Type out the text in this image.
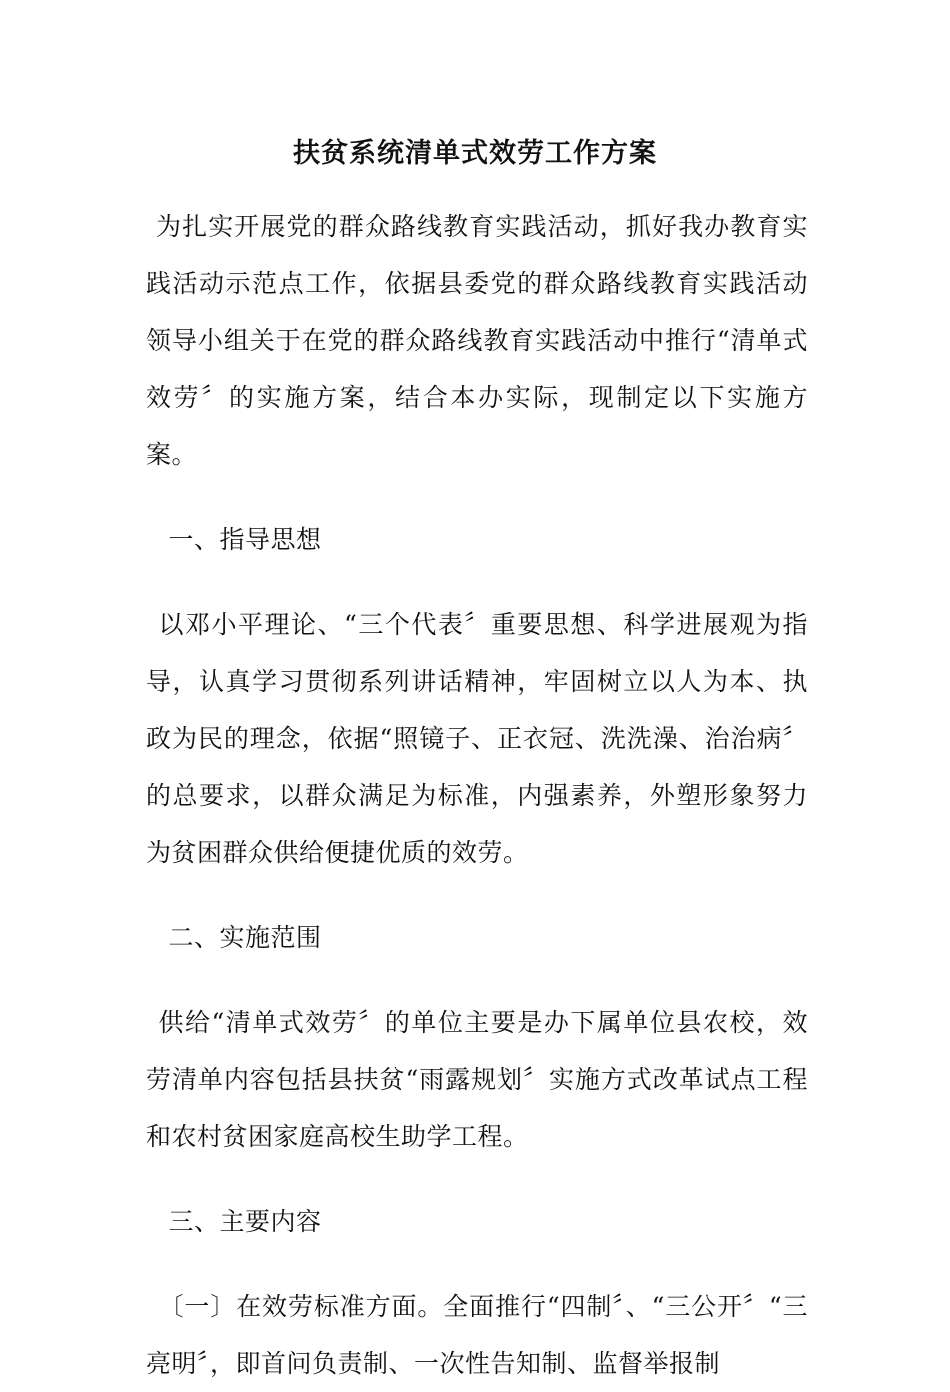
扶贫系统清单式效劳工作方案

为扎实开展党的群众路线教育实践活动，抓好我办教育实践活动示范点工作，依据县委党的群众路线教育实践活动领导小组关于在党的群众路线教育实践活动中推行“清单式效劳〞的实施方案，结合本办实际，现制定以下实施方案。

一、指导思想

以邓小平理论、“三个代表〞重要思想、科学进展观为指导，认真学习贯彻系列讲话精神，牢固树立以人为本、执政为民的理念，依据“照镜子、正衣冠、洗洗澡、治治病〞的总要求，以群众满足为标准，内强素养，外塑形象努力为贫困群众供给便捷优质的效劳。

二、实施范围

供给“清单式效劳〞的单位主要是办下属单位县农校，效劳清单内容包括县扶贫“雨露规划〞实施方式改革试点工程和农村贫困家庭高校生助学工程。

三、主要内容

〔一〕在效劳标准方面。全面推行“四制〞、“三公开〞“三亮明〞，即首问负责制、一次性告知制、监督举报制
